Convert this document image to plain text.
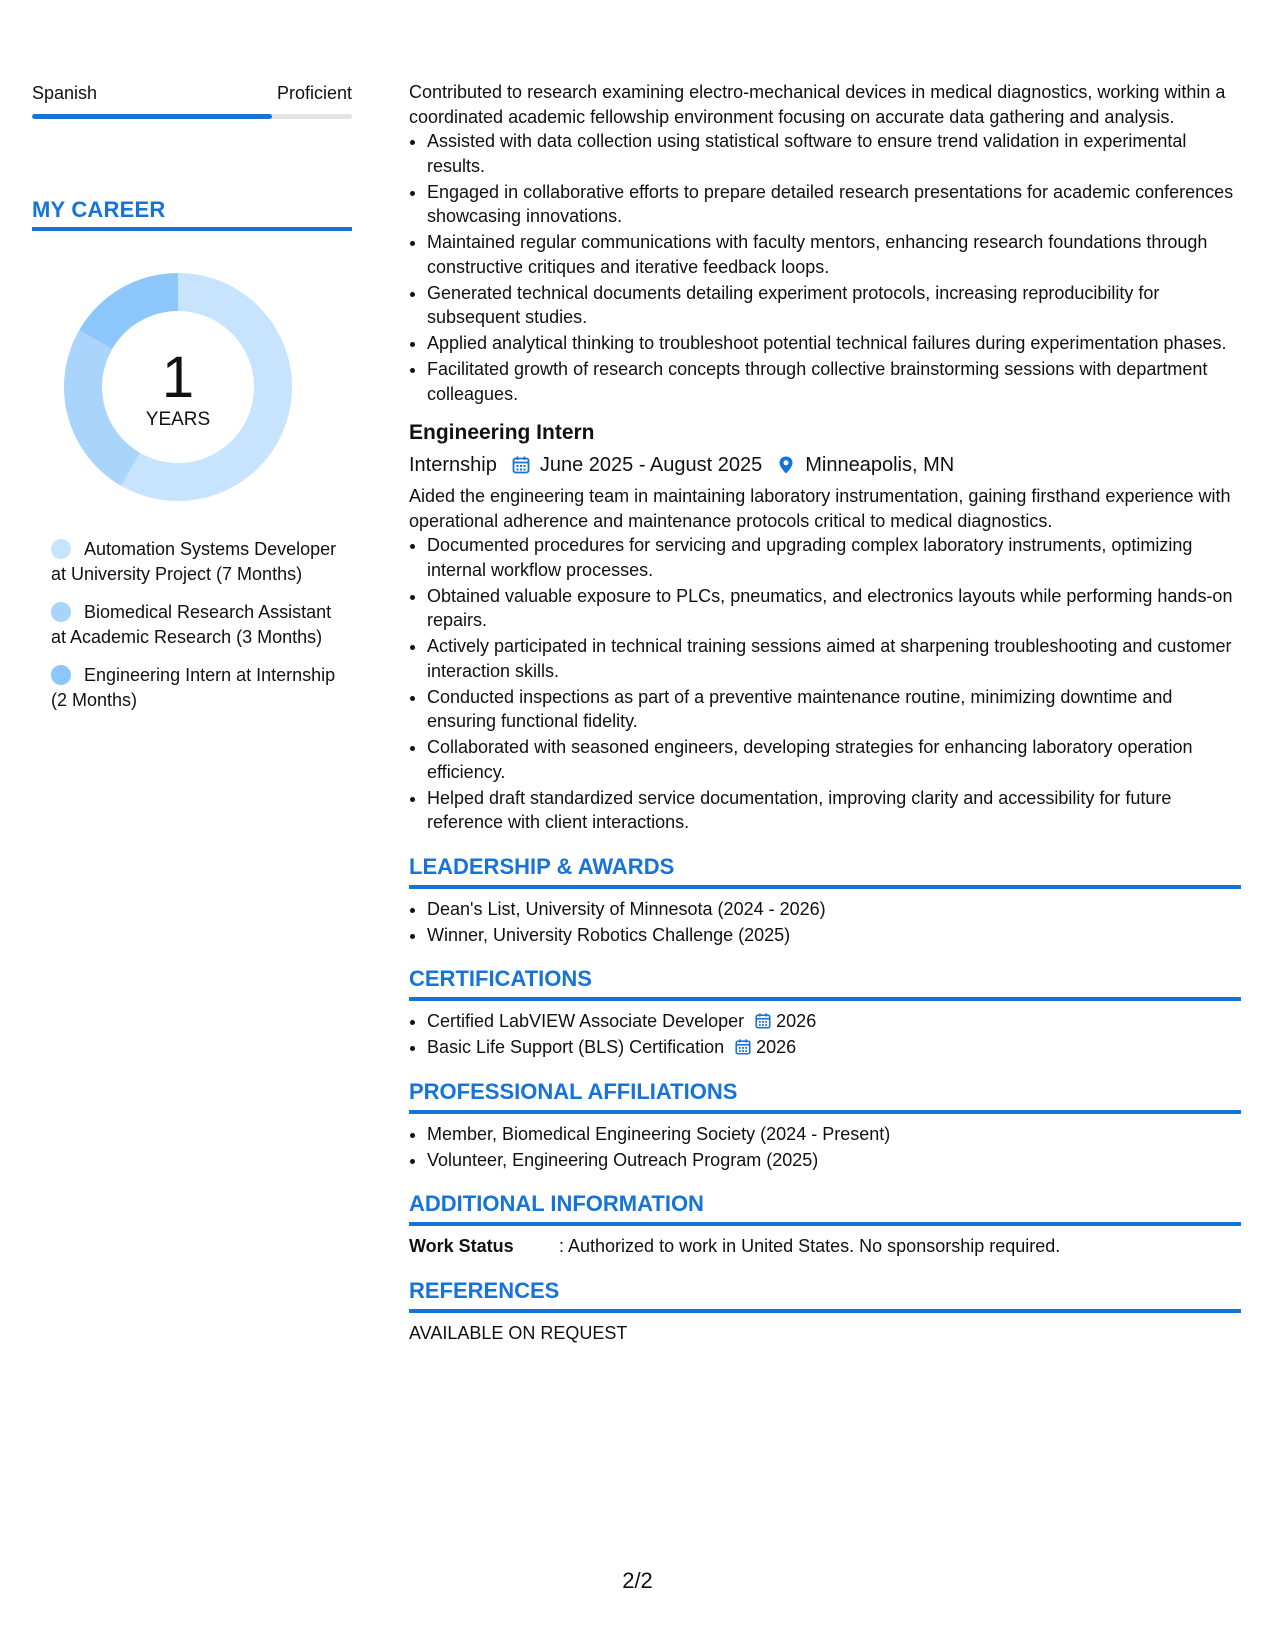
Spanish	Proficient
MY CAREER
1
YEARS
Automation Systems Developer at University Project (7 Months)
Biomedical Research Assistant at Academic Research (3 Months)
Engineering Intern at Internship (2 Months)

Contributed to research examining electro-mechanical devices in medical diagnostics, working within a coordinated academic fellowship environment focusing on accurate data gathering and analysis.

• Assisted with data collection using statistical software to ensure trend validation in experimental results.
• Engaged in collaborative efforts to prepare detailed research presentations for academic conferences showcasing innovations.
• Maintained regular communications with faculty mentors, enhancing research foundations through constructive critiques and iterative feedback loops.
• Generated technical documents detailing experiment protocols, increasing reproducibility for subsequent studies.
• Applied analytical thinking to troubleshoot potential technical failures during experimentation phases.
• Facilitated growth of research concepts through collective brainstorming sessions with department colleagues.
Engineering Intern
Internship June 2025 - August 2025 Minneapolis, MN

Aided the engineering team in maintaining laboratory instrumentation, gaining firsthand experience with operational adherence and maintenance protocols critical to medical diagnostics.

• Documented procedures for servicing and upgrading complex laboratory instruments, optimizing internal workflow processes.
• Obtained valuable exposure to PLCs, pneumatics, and electronics layouts while performing hands-on repairs.
• Actively participated in technical training sessions aimed at sharpening troubleshooting and customer interaction skills.
• Conducted inspections as part of a preventive maintenance routine, minimizing downtime and ensuring functional fidelity.
• Collaborated with seasoned engineers, developing strategies for enhancing laboratory operation efficiency.
• Helped draft standardized service documentation, improving clarity and accessibility for future reference with client interactions.
LEADERSHIP & AWARDS
• Dean's List, University of Minnesota (2024 - 2026)
• Winner, University Robotics Challenge (2025)
CERTIFICATIONS
• Certified LabVIEW Associate Developer 2026
• Basic Life Support (BLS) Certification 2026
PROFESSIONAL AFFILIATIONS
• Member, Biomedical Engineering Society (2024 - Present)
• Volunteer, Engineering Outreach Program (2025)
ADDITIONAL INFORMATION
Work Status	: Authorized to work in United States. No sponsorship required.
REFERENCES

AVAILABLE ON REQUEST

2/2
